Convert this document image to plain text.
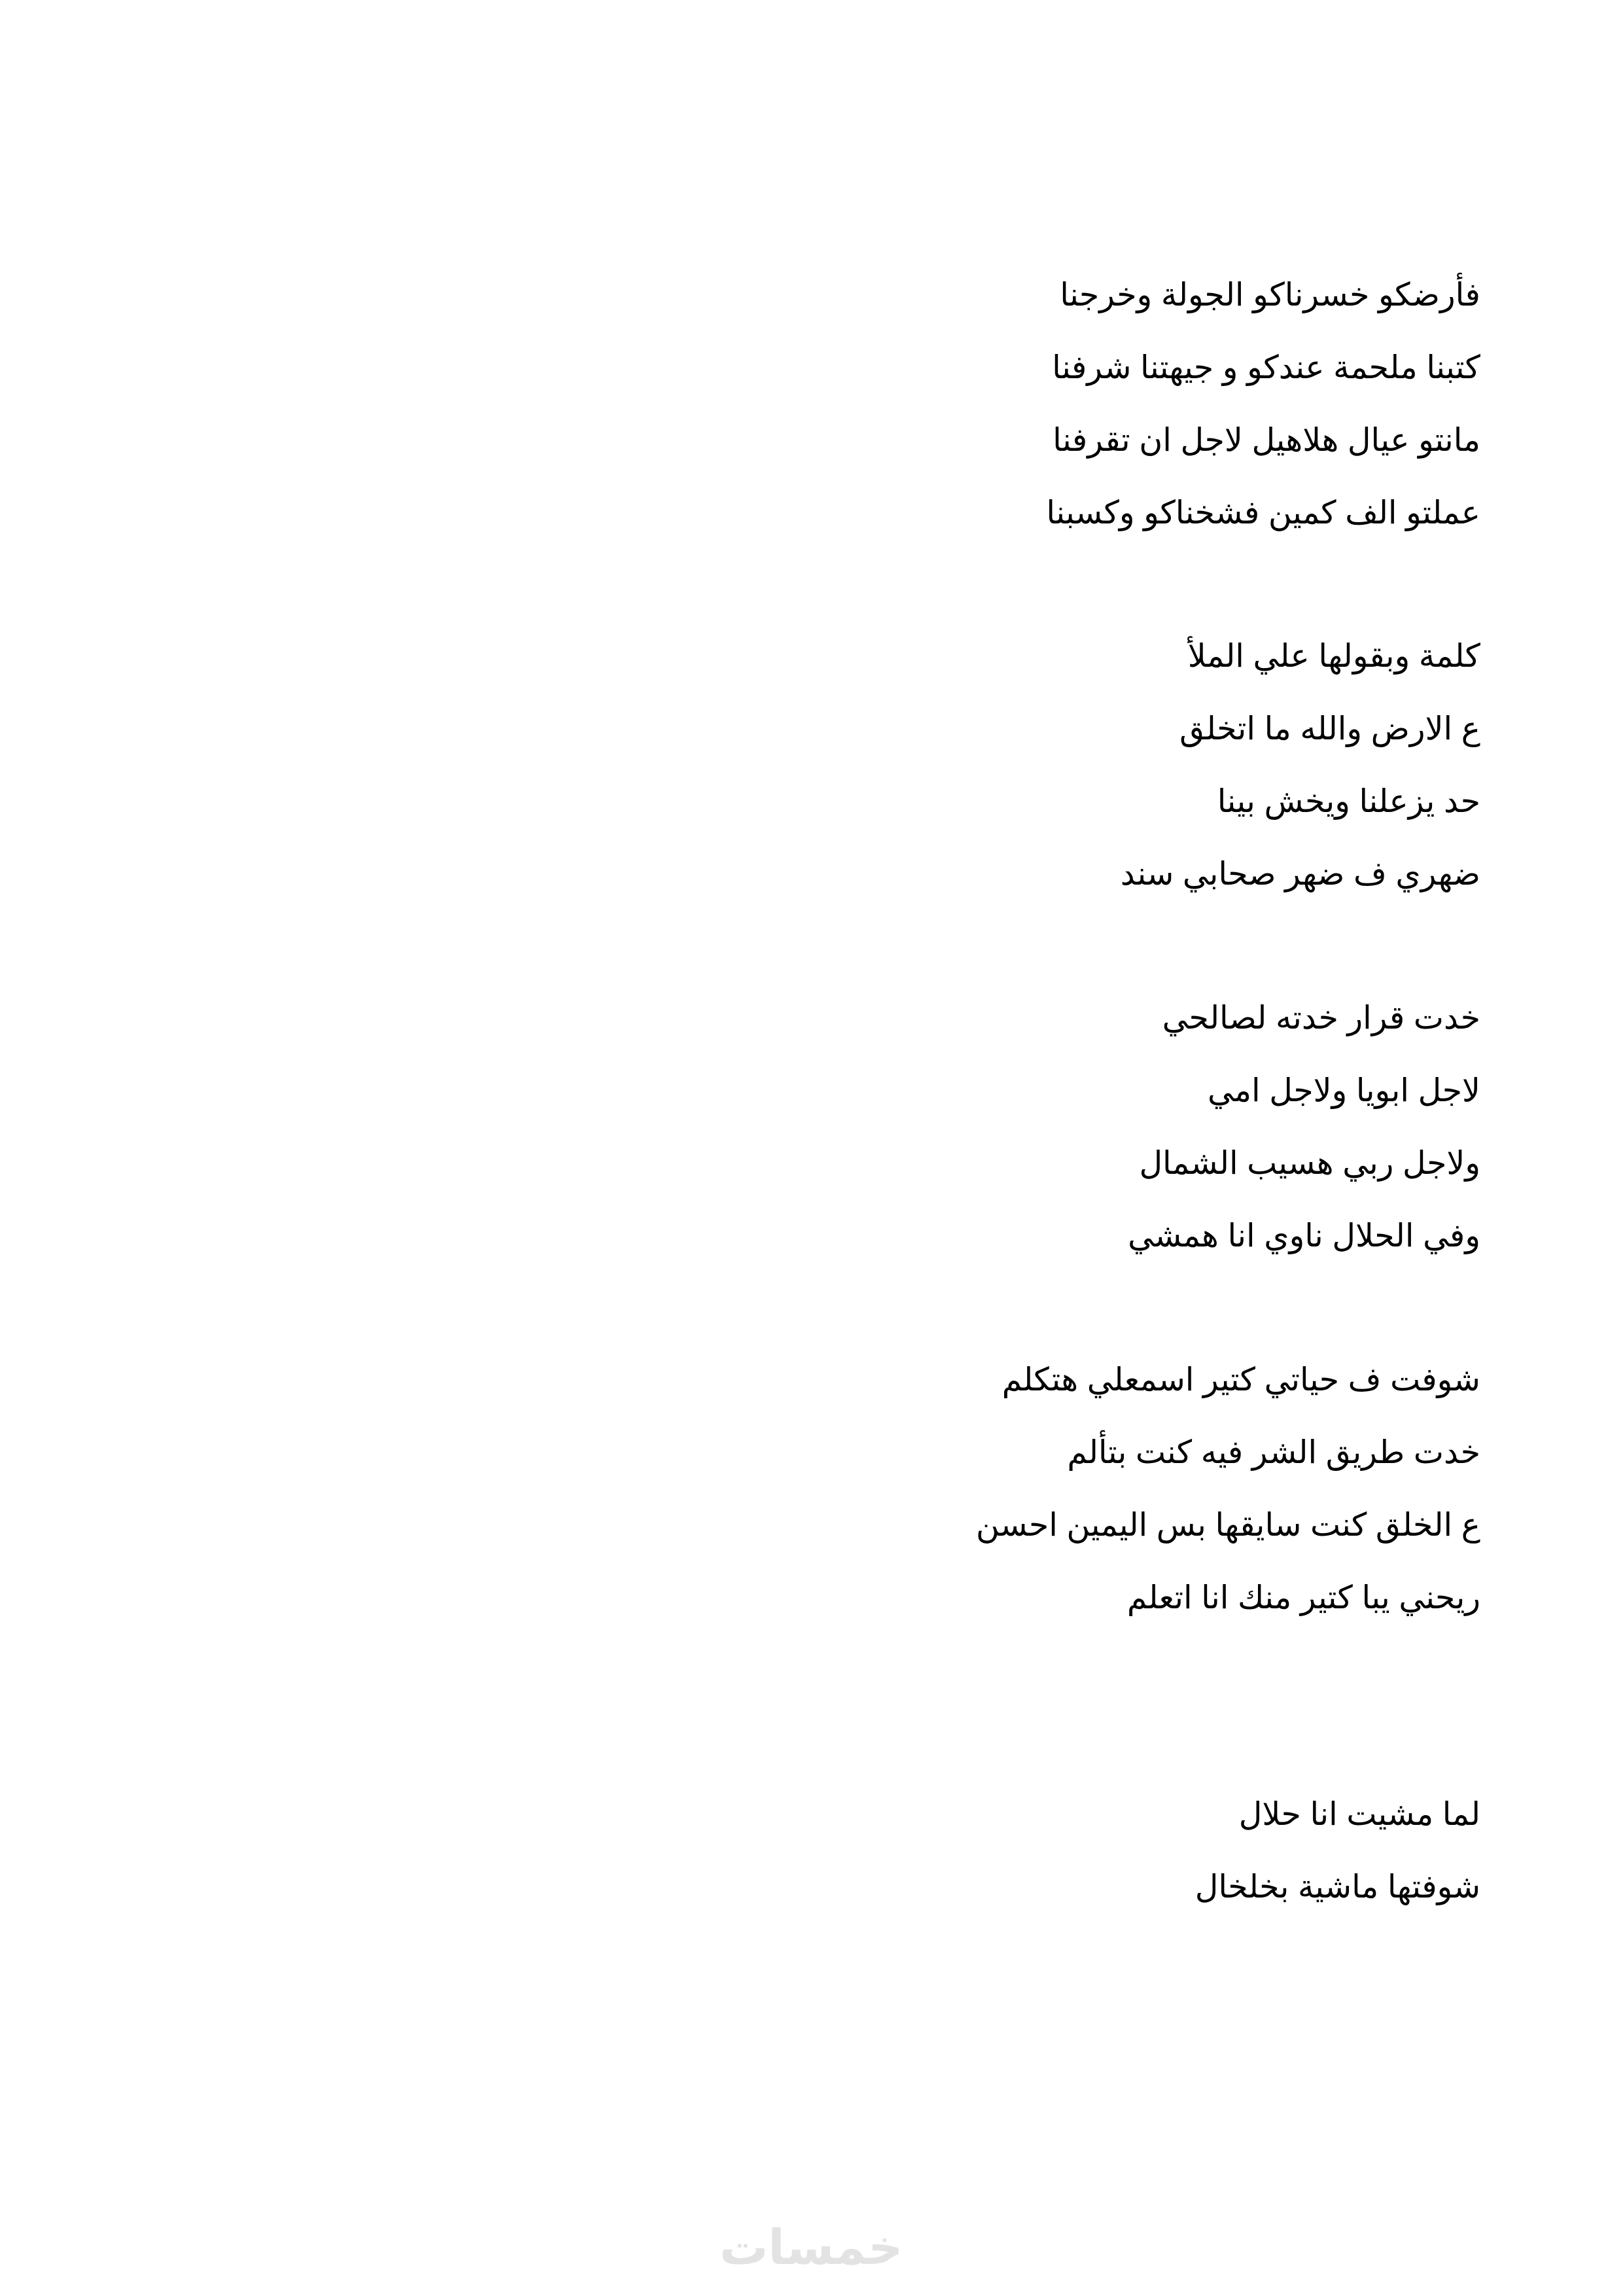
فأرضكو خسرناكو الجولة وخرجنا
كتبنا ملحمة عندكو و جيهتنا شرفنا
مانتو عيال هلاهيل لاجل ان تقرفنا
عملتو الف كمين فشخناكو وكسبنا
كلمة وبقولها علي الملأ
ع الارض والله ما اتخلق
حد يزعلنا ويخش بينا
ضهري ف ضهر صحابي سند
خدت قرار خدته لصالحي
لاجل ابويا ولاجل امي
ولاجل ربي هسيب الشمال
وفي الحلال ناوي انا همشي
شوفت ف حياتي كتير اسمعلي هتكلم
خدت طريق الشر فيه كنت بتألم
ع الخلق كنت سايقها بس اليمين احسن
ريحني يبا كتير منك انا اتعلم
لما مشيت انا حلال
شوفتها ماشية بخلخال
خمسات
